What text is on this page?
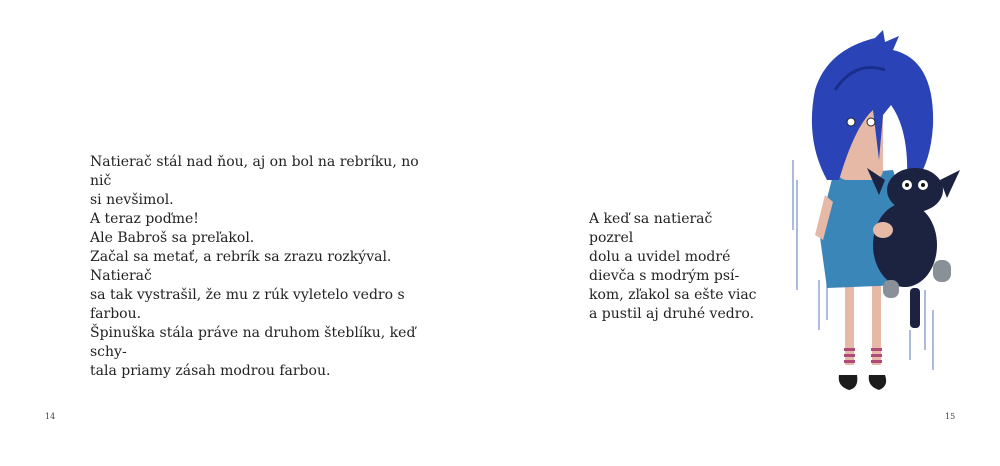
Natierač stál nad ňou, aj on bol na rebríku, no nič
si nevšimol.
A teraz poďme!
Ale Babroš sa preľakol.
Začal sa metať, a rebrík sa zrazu rozkýval. Natierač
sa tak vystrašil, že mu z rúk vyletelo vedro s farbou.
Špinuška stála práve na druhom šteblíku, keď schy-
tala priamy zásah modrou farbou.
14
A keď sa natierač pozrel
dolu a uvidel modré
dievča s modrým psí-
kom, zľakol sa ešte viac
a pustil aj druhé vedro.
15
